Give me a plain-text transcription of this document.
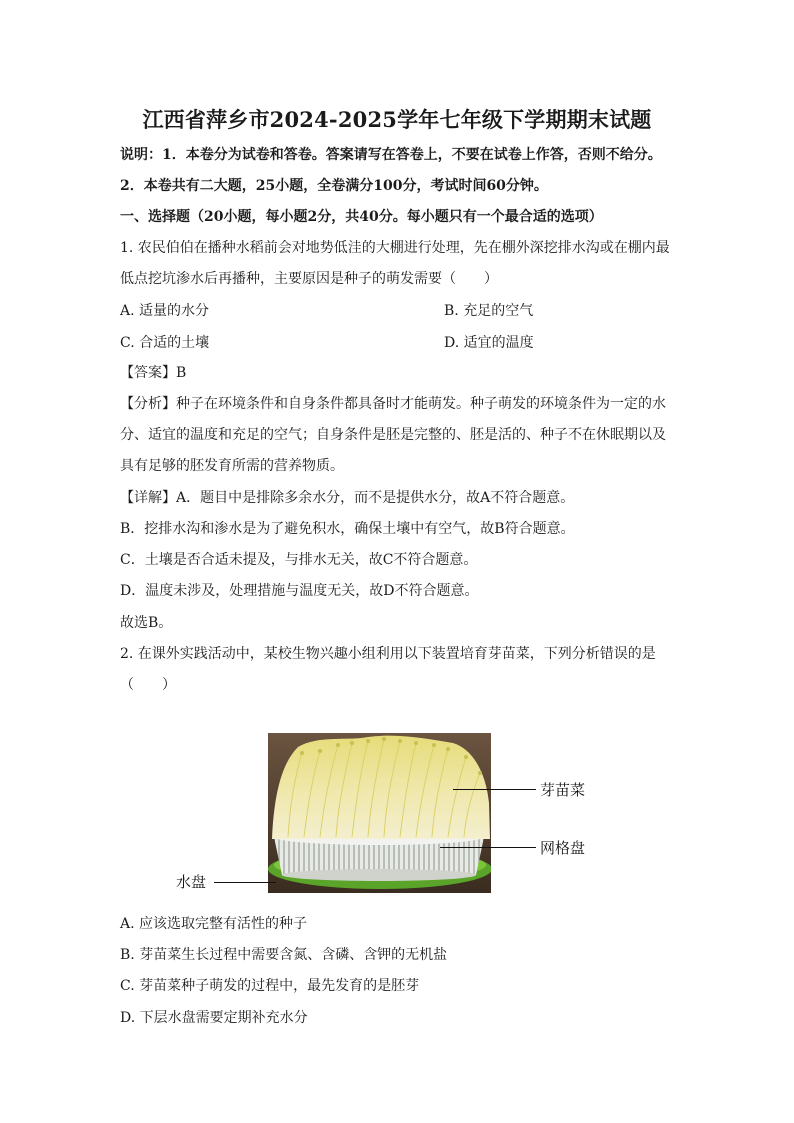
江西省萍乡市2024-2025学年七年级下学期期末试题
说明：1．本卷分为试卷和答卷。答案请写在答卷上，不要在试卷上作答，否则不给分。
2．本卷共有二大题，25小题，全卷满分100分，考试时间60分钟。
一、选择题（20小题，每小题2分，共40分。每小题只有一个最合适的选项）
1. 农民伯伯在播种水稻前会对地势低洼的大棚进行处理，先在棚外深挖排水沟或在棚内最
低点挖坑渗水后再播种，主要原因是种子的萌发需要（　　）
A. 适量的水分	B. 充足的空气
C. 合适的土壤	D. 适宜的温度
【答案】B
【分析】种子在环境条件和自身条件都具备时才能萌发。种子萌发的环境条件为一定的水
分、适宜的温度和充足的空气；自身条件是胚是完整的、胚是活的、种子不在休眠期以及
具有足够的胚发育所需的营养物质。
【详解】A．题目中是排除多余水分，而不是提供水分，故A不符合题意。
B．挖排水沟和渗水是为了避免积水，确保土壤中有空气，故B符合题意。
C．土壤是否合适未提及，与排水无关，故C不符合题意。
D．温度未涉及，处理措施与温度无关，故D不符合题意。
故选B。
2. 在课外实践活动中，某校生物兴趣小组利用以下装置培育芽苗菜，下列分析错误的是
（　　）
芽苗菜
网格盘
水盘
A. 应该选取完整有活性的种子
B. 芽苗菜生长过程中需要含氮、含磷、含钾的无机盐
C. 芽苗菜种子萌发的过程中，最先发育的是胚芽
D. 下层水盘需要定期补充水分
